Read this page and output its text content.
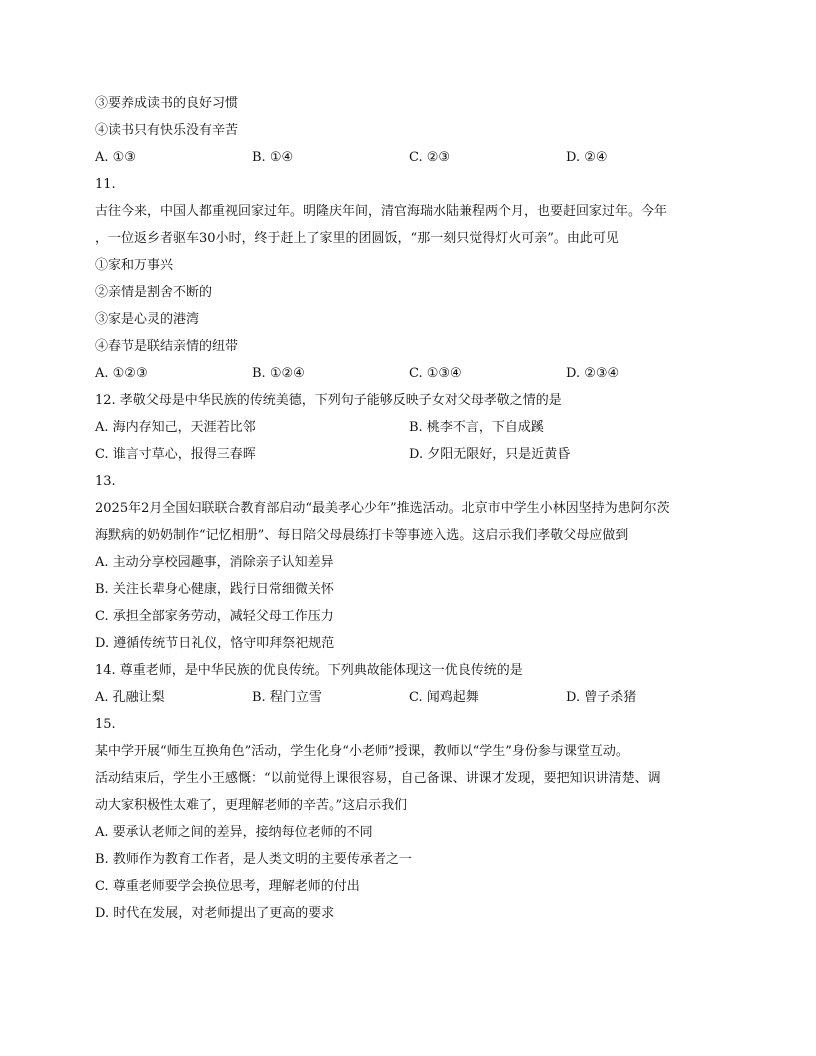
③要养成读书的良好习惯
④读书只有快乐没有辛苦
A. ①③	B. ①④	C. ②③	D. ②④
11.
古往今来，中国人都重视回家过年。明隆庆年间，清官海瑞水陆兼程两个月，也要赶回家过年。今年
，一位返乡者驱车30小时，终于赶上了家里的团圆饭，“那一刻只觉得灯火可亲”。由此可见
①家和万事兴
②亲情是割舍不断的
③家是心灵的港湾
④春节是联结亲情的纽带
A. ①②③	B. ①②④	C. ①③④	D. ②③④
12. 孝敬父母是中华民族的传统美德，下列句子能够反映子女对父母孝敬之情的是
A. 海内存知己，天涯若比邻	B. 桃李不言，下自成蹊
C. 谁言寸草心，报得三春晖	D. 夕阳无限好，只是近黄昏
13.
2025年2月全国妇联联合教育部启动“最美孝心少年”推选活动。北京市中学生小林因坚持为患阿尔茨
海默病的奶奶制作“记忆相册”、每日陪父母晨练打卡等事迹入选。这启示我们孝敬父母应做到
A. 主动分享校园趣事，消除亲子认知差异
B. 关注长辈身心健康，践行日常细微关怀
C. 承担全部家务劳动，减轻父母工作压力
D. 遵循传统节日礼仪，恪守叩拜祭祀规范
14. 尊重老师，是中华民族的优良传统。下列典故能体现这一优良传统的是
A. 孔融让梨	B. 程门立雪	C. 闻鸡起舞	D. 曾子杀猪
15.
某中学开展“师生互换角色”活动，学生化身“小老师”授课，教师以“学生”身份参与课堂互动。
活动结束后，学生小王感慨：“以前觉得上课很容易，自己备课、讲课才发现，要把知识讲清楚、调
动大家积极性太难了，更理解老师的辛苦。”这启示我们
A. 要承认老师之间的差异，接纳每位老师的不同
B. 教师作为教育工作者，是人类文明的主要传承者之一
C. 尊重老师要学会换位思考，理解老师的付出
D. 时代在发展，对老师提出了更高的要求
